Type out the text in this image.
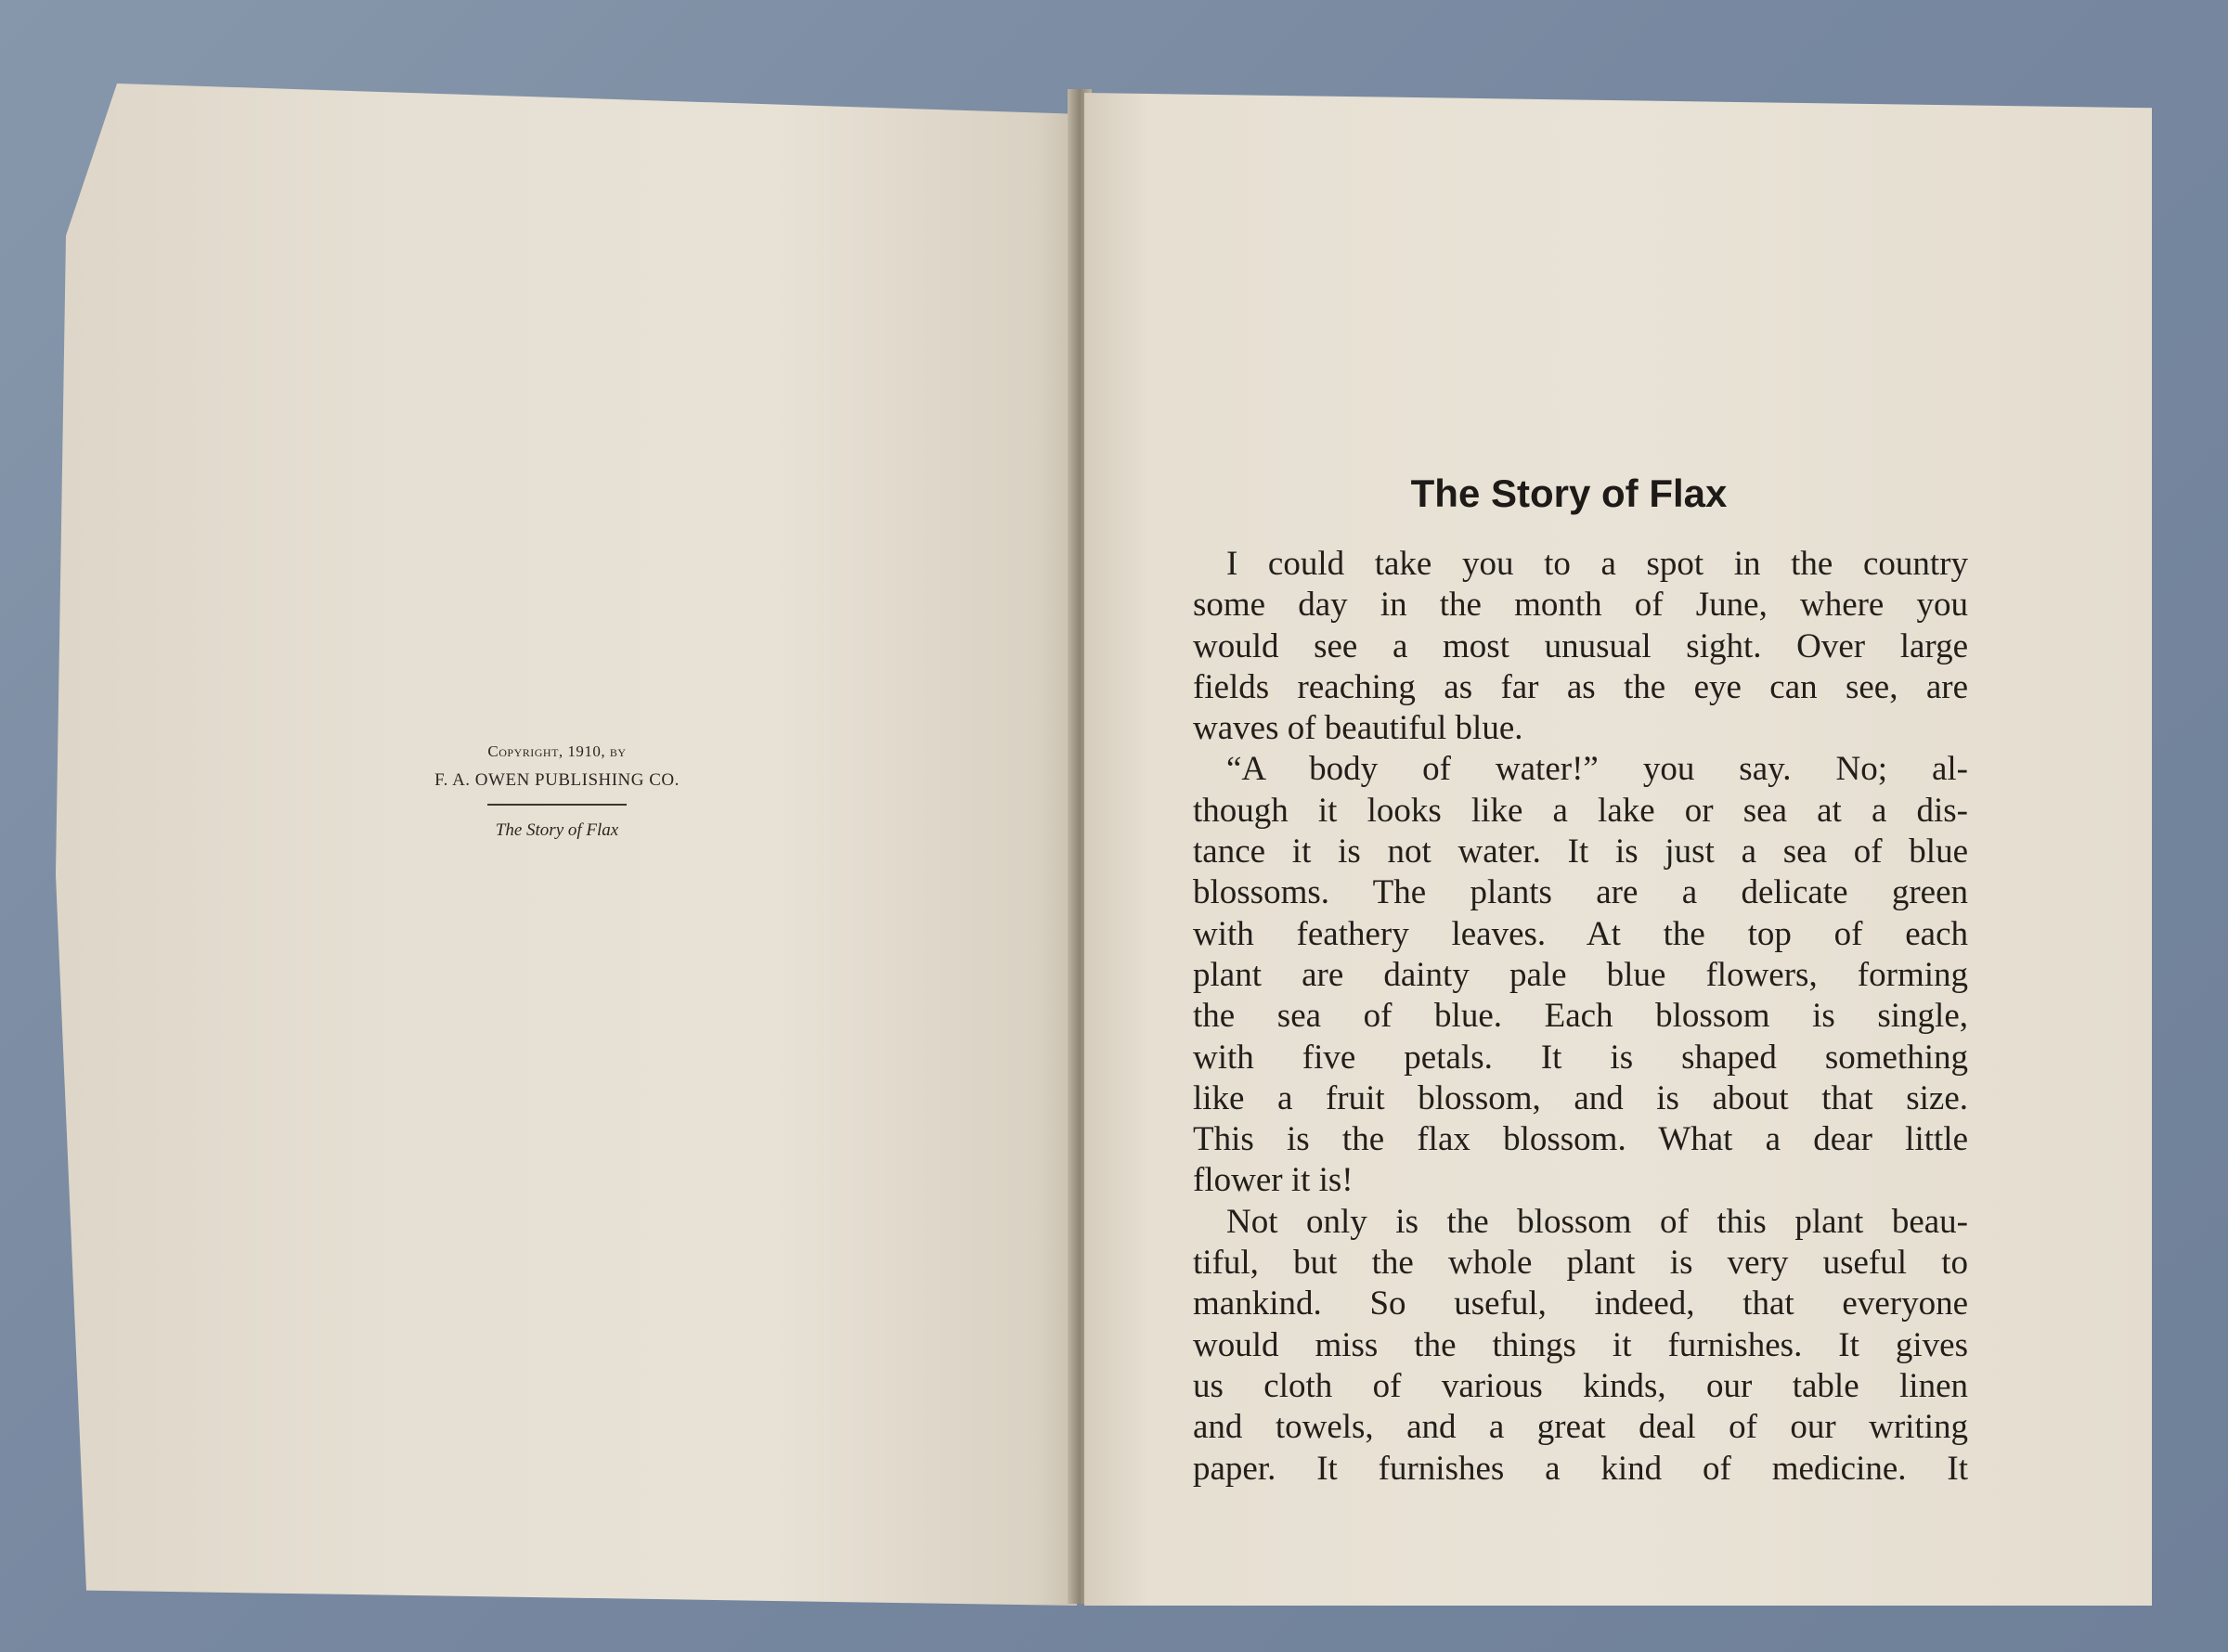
Copyright, 1910, by
F. A. OWEN PUBLISHING CO.
The Story of Flax
The Story of Flax
I could take you to a spot in the country
some day in the month of June, where you
would see a most unusual sight. Over large
fields reaching as far as the eye can see, are
waves of beautiful blue.
“A body of water!” you say. No; al-
though it looks like a lake or sea at a dis-
tance it is not water. It is just a sea of blue
blossoms. The plants are a delicate green
with feathery leaves. At the top of each
plant are dainty pale blue flowers, forming
the sea of blue. Each blossom is single,
with five petals. It is shaped something
like a fruit blossom, and is about that size.
This is the flax blossom. What a dear little
flower it is!
Not only is the blossom of this plant beau-
tiful, but the whole plant is very useful to
mankind. So useful, indeed, that everyone
would miss the things it furnishes. It gives
us cloth of various kinds, our table linen
and towels, and a great deal of our writing
paper. It furnishes a kind of medicine. It
